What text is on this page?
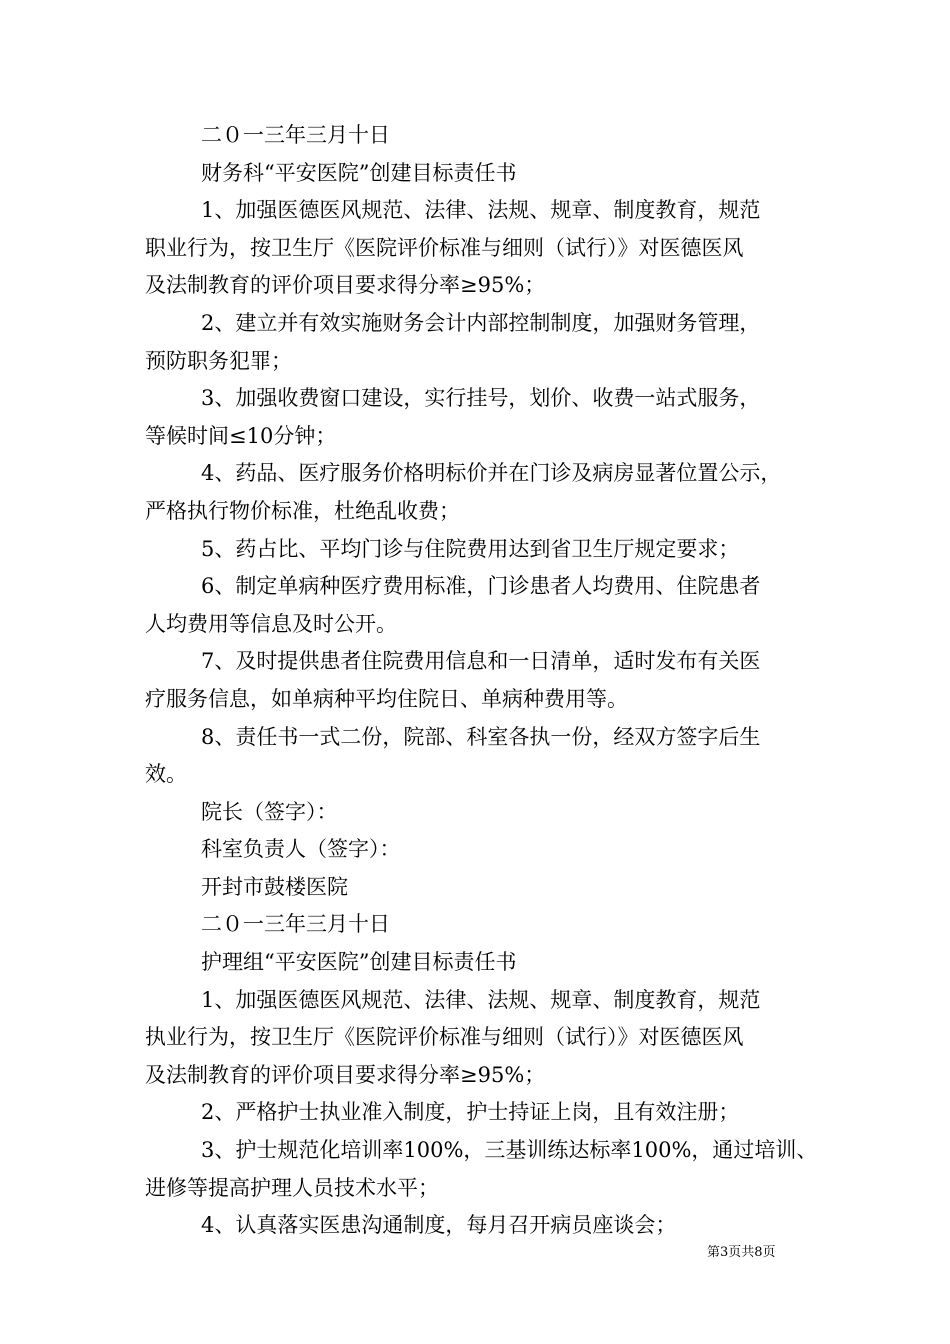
二０一三年三月十日
财务科“平安医院”创建目标责任书
1、加强医德医风规范、法律、法规、规章、制度教育，规范
职业行为，按卫生厅《医院评价标准与细则（试行）》对医德医风
及法制教育的评价项目要求得分率≥95%；
2、建立并有效实施财务会计内部控制制度，加强财务管理，
预防职务犯罪；
3、加强收费窗口建设，实行挂号，划价、收费一站式服务，
等候时间≤10分钟；
4、药品、医疗服务价格明标价并在门诊及病房显著位置公示，
严格执行物价标准，杜绝乱收费；
5、药占比、平均门诊与住院费用达到省卫生厅规定要求；
6、制定单病种医疗费用标准，门诊患者人均费用、住院患者
人均费用等信息及时公开。
7、及时提供患者住院费用信息和一日清单，适时发布有关医
疗服务信息，如单病种平均住院日、单病种费用等。
8、责任书一式二份，院部、科室各执一份，经双方签字后生
效。
院长（签字）：
科室负责人（签字）：
开封市鼓楼医院
二０一三年三月十日
护理组“平安医院”创建目标责任书
1、加强医德医风规范、法律、法规、规章、制度教育，规范
执业行为，按卫生厅《医院评价标准与细则（试行）》对医德医风
及法制教育的评价项目要求得分率≥95%；
2、严格护士执业准入制度，护士持证上岗，且有效注册；
3、护士规范化培训率100%，三基训练达标率100%，通过培训、
进修等提高护理人员技术水平；
4、认真落实医患沟通制度，每月召开病员座谈会；
第3页共8页
